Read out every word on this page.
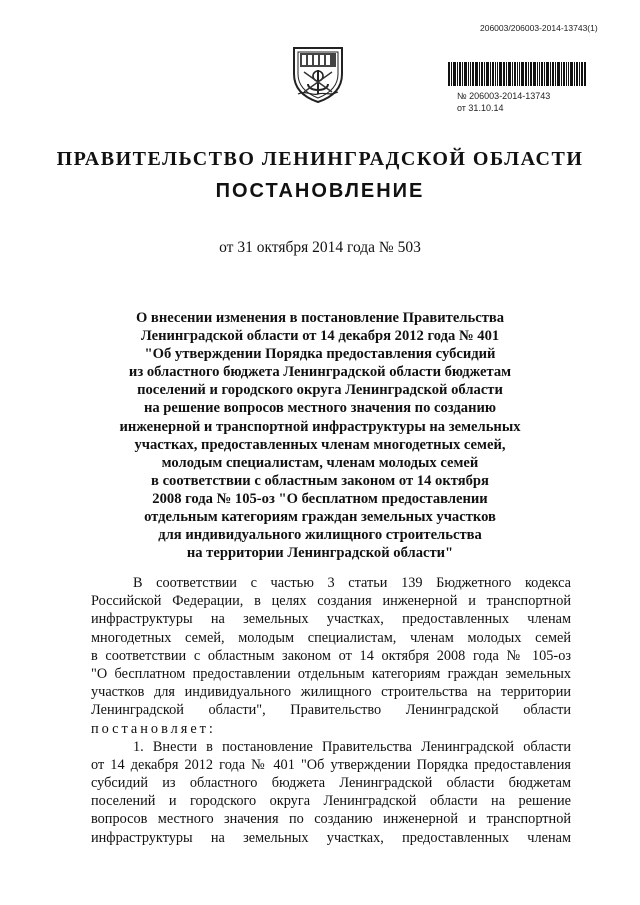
206003/206003-2014-13743(1)
№ 206003-2014-13743
от 31.10.14
ПРАВИТЕЛЬСТВО ЛЕНИНГРАДСКОЙ ОБЛАСТИ
ПОСТАНОВЛЕНИЕ
от 31 октября 2014 года № 503
О внесении изменения в постановление Правительства
Ленинградской области от 14 декабря 2012 года № 401
"Об утверждении Порядка предоставления субсидий
из областного бюджета Ленинградской области бюджетам
поселений и городского округа Ленинградской области
на решение вопросов местного значения по созданию
инженерной и транспортной инфраструктуры на земельных
участках, предоставленных членам многодетных семей,
молодым специалистам, членам молодых семей
в соответствии с областным законом от 14 октября
2008 года № 105-оз "О бесплатном предоставлении
отдельным категориям граждан земельных участков
для индивидуального жилищного строительства
на территории Ленинградской области"
В соответствии с частью 3 статьи 139 Бюджетного кодекса
Российской Федерации, в целях создания инженерной и транспортной
инфраструктуры на земельных участках, предоставленных членам
многодетных семей, молодым специалистам, членам молодых семей
в соответствии с областным законом от 14 октября 2008 года № 105-оз
"О бесплатном предоставлении отдельным категориям граждан земельных
участков для индивидуального жилищного строительства на территории
Ленинградской области", Правительство Ленинградской области
постановляет:
1. Внести в постановление Правительства Ленинградской области
от 14 декабря 2012 года № 401 "Об утверждении Порядка предоставления
субсидий из областного бюджета Ленинградской области бюджетам
поселений и городского округа Ленинградской области на решение
вопросов местного значения по созданию инженерной и транспортной
инфраструктуры на земельных участках, предоставленных членам
